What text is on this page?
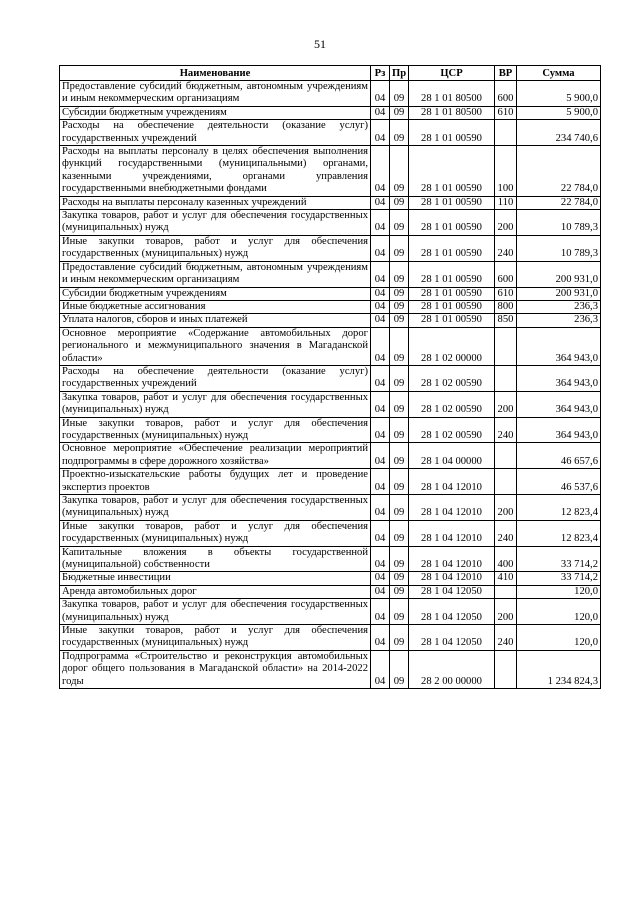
51
Наименование	Рз	Пр	ЦСР	ВР	Сумма
Предоставление субсидий бюджетным, автономным учреждениям и иным некоммерческим организациям	04	09	28 1 01 80500	600	5 900,0
Субсидии бюджетным учреждениям	04	09	28 1 01 80500	610	5 900,0
Расходы на обеспечение деятельности (оказание услуг) государственных учреждений	04	09	28 1 01 00590		234 740,6
Расходы на выплаты персоналу в целях обеспечения выполнения функций государственными (муниципальными) органами, казенными учреждениями, органами управления государственными внебюджетными фондами	04	09	28 1 01 00590	100	22 784,0
Расходы на выплаты персоналу казенных учреждений	04	09	28 1 01 00590	110	22 784,0
Закупка товаров, работ и услуг для обеспечения государственных (муниципальных) нужд	04	09	28 1 01 00590	200	10 789,3
Иные закупки товаров, работ и услуг для обеспечения государственных (муниципальных) нужд	04	09	28 1 01 00590	240	10 789,3
Предоставление субсидий бюджетным, автономным учреждениям и иным некоммерческим организациям	04	09	28 1 01 00590	600	200 931,0
Субсидии бюджетным учреждениям	04	09	28 1 01 00590	610	200 931,0
Иные бюджетные ассигнования	04	09	28 1 01 00590	800	236,3
Уплата налогов, сборов и иных платежей	04	09	28 1 01 00590	850	236,3
Основное мероприятие «Содержание автомобильных дорог регионального и межмуниципального значения в Магаданской области»	04	09	28 1 02 00000		364 943,0
Расходы на обеспечение деятельности (оказание услуг) государственных учреждений	04	09	28 1 02 00590		364 943,0
Закупка товаров, работ и услуг для обеспечения государственных (муниципальных) нужд	04	09	28 1 02 00590	200	364 943,0
Иные закупки товаров, работ и услуг для обеспечения государственных (муниципальных) нужд	04	09	28 1 02 00590	240	364 943,0
Основное мероприятие «Обеспечение реализации мероприятий подпрограммы в сфере дорожного хозяйства»	04	09	28 1 04 00000		46 657,6
Проектно-изыскательские работы будущих лет и проведение экспертиз проектов	04	09	28 1 04 12010		46 537,6
Закупка товаров, работ и услуг для обеспечения государственных (муниципальных) нужд	04	09	28 1 04 12010	200	12 823,4
Иные закупки товаров, работ и услуг для обеспечения государственных (муниципальных) нужд	04	09	28 1 04 12010	240	12 823,4
Капитальные вложения в объекты государственной (муниципальной) собственности	04	09	28 1 04 12010	400	33 714,2
Бюджетные инвестиции	04	09	28 1 04 12010	410	33 714,2
Аренда автомобильных дорог	04	09	28 1 04 12050		120,0
Закупка товаров, работ и услуг для обеспечения государственных (муниципальных) нужд	04	09	28 1 04 12050	200	120,0
Иные закупки товаров, работ и услуг для обеспечения государственных (муниципальных) нужд	04	09	28 1 04 12050	240	120,0
Подпрограмма «Строительство и реконструкция автомобильных дорог общего пользования в Магаданской области» на 2014-2022 годы	04	09	28 2 00 00000		1 234 824,3
